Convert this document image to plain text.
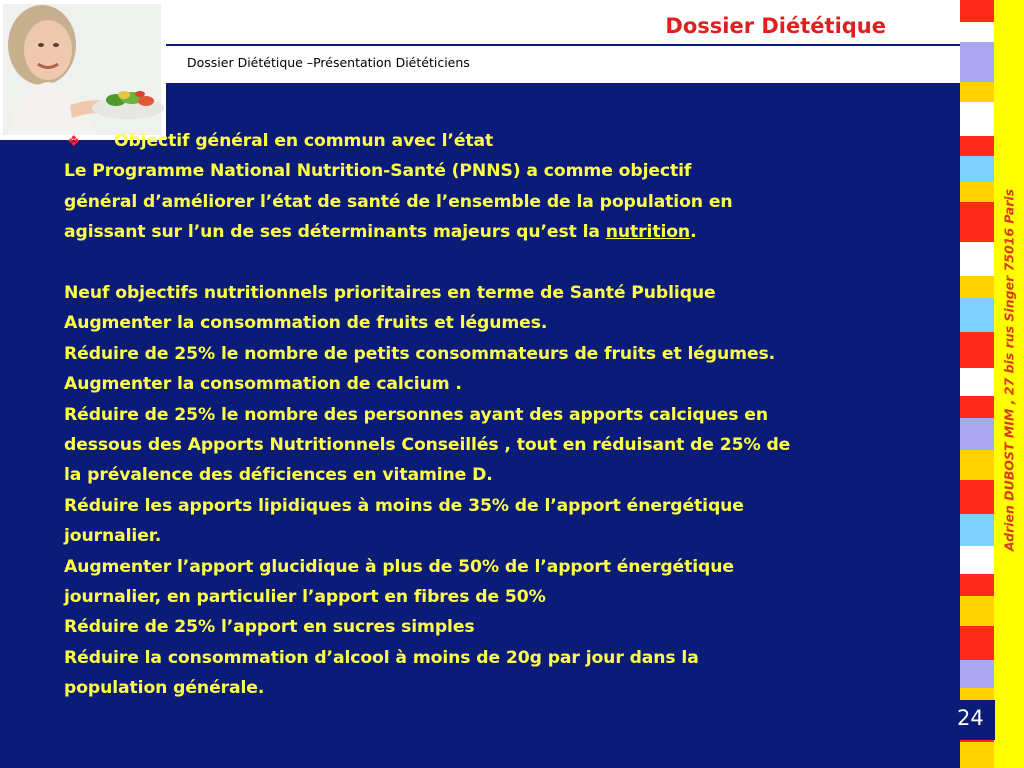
Dossier Diététique
Dossier Diététique –Présentation Diététiciens

❖ Objectif général en commun avec l’état

Le Programme National Nutrition-Santé (PNNS) a comme objectif

général d’améliorer l’état de santé de l’ensemble de la population en

agissant sur l’un de ses déterminants majeurs qu’est la nutrition.

Neuf objectifs nutritionnels prioritaires en terme de Santé Publique

Augmenter la consommation de fruits et légumes.

Réduire de 25% le nombre de petits consommateurs de fruits et légumes.

Augmenter la consommation de calcium .

Réduire de 25% le nombre des personnes ayant des apports calciques en

dessous des Apports Nutritionnels Conseillés , tout en réduisant de 25% de

la prévalence des déficiences en vitamine D.

Réduire les apports lipidiques à moins de 35% de l’apport énergétique

journalier.

Augmenter l’apport glucidique à plus de 50% de l’apport énergétique

journalier, en particulier l’apport en fibres de 50%

Réduire de 25% l’apport en sucres simples

Réduire la consommation d’alcool à moins de 20g par jour dans la

population générale.

Adrien DUBOST MIM , 27 bis rus Singer 75016 Paris
24
